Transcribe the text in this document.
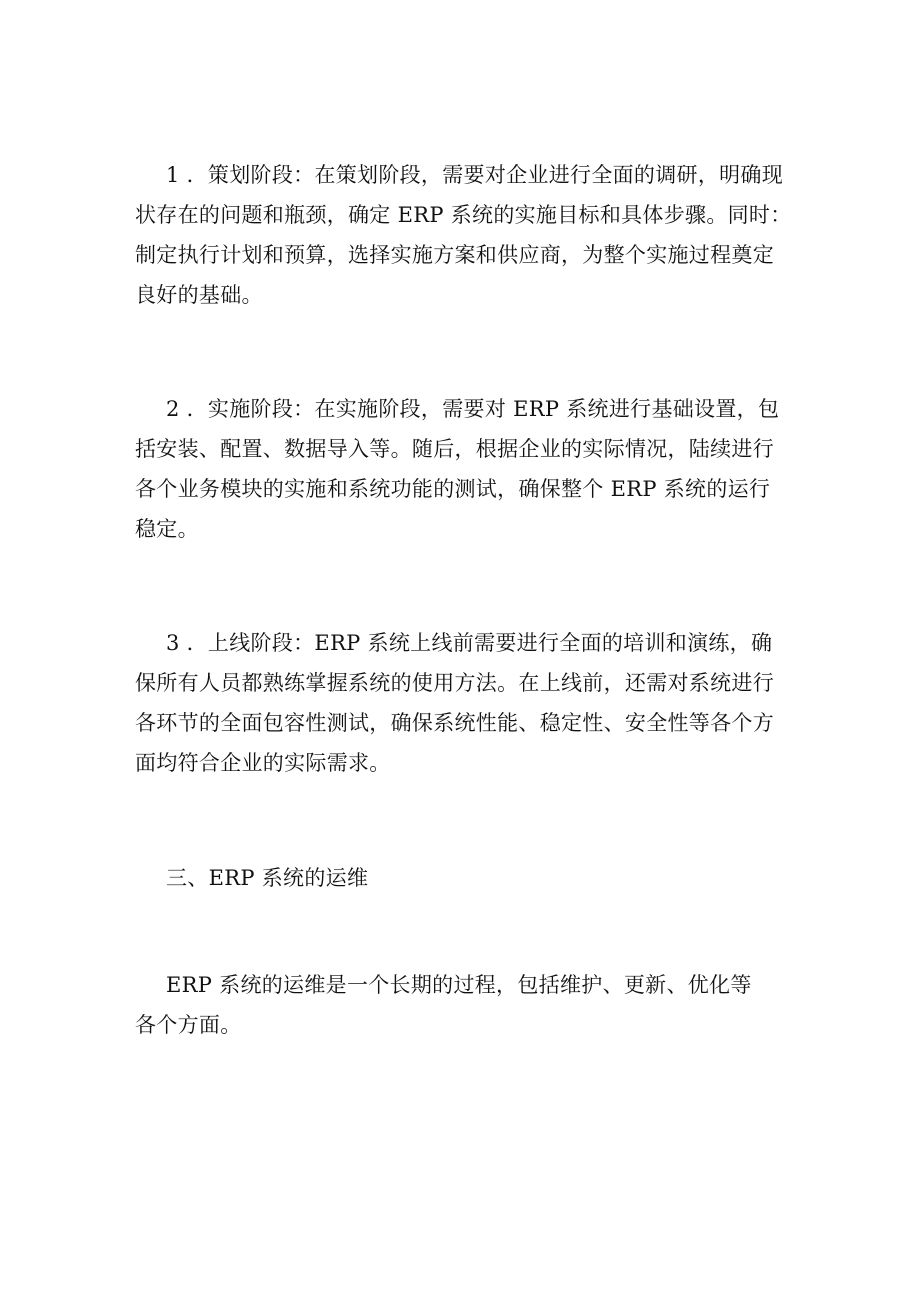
1 ．策划阶段：在策划阶段，需要对企业进行全面的调研，明确现
状存在的问题和瓶颈，确定 ERP 系统的实施目标和具体步骤。同时：
制定执行计划和预算，选择实施方案和供应商，为整个实施过程奠定
良好的基础。
2 ．实施阶段：在实施阶段，需要对 ERP 系统进行基础设置，包
括安装、配置、数据导入等。随后，根据企业的实际情况，陆续进行
各个业务模块的实施和系统功能的测试，确保整个 ERP 系统的运行
稳定。
3 ．上线阶段：ERP 系统上线前需要进行全面的培训和演练，确
保所有人员都熟练掌握系统的使用方法。在上线前，还需对系统进行
各环节的全面包容性测试，确保系统性能、稳定性、安全性等各个方
面均符合企业的实际需求。
三、ERP 系统的运维
ERP 系统的运维是一个长期的过程，包括维护、更新、优化等
各个方面。
